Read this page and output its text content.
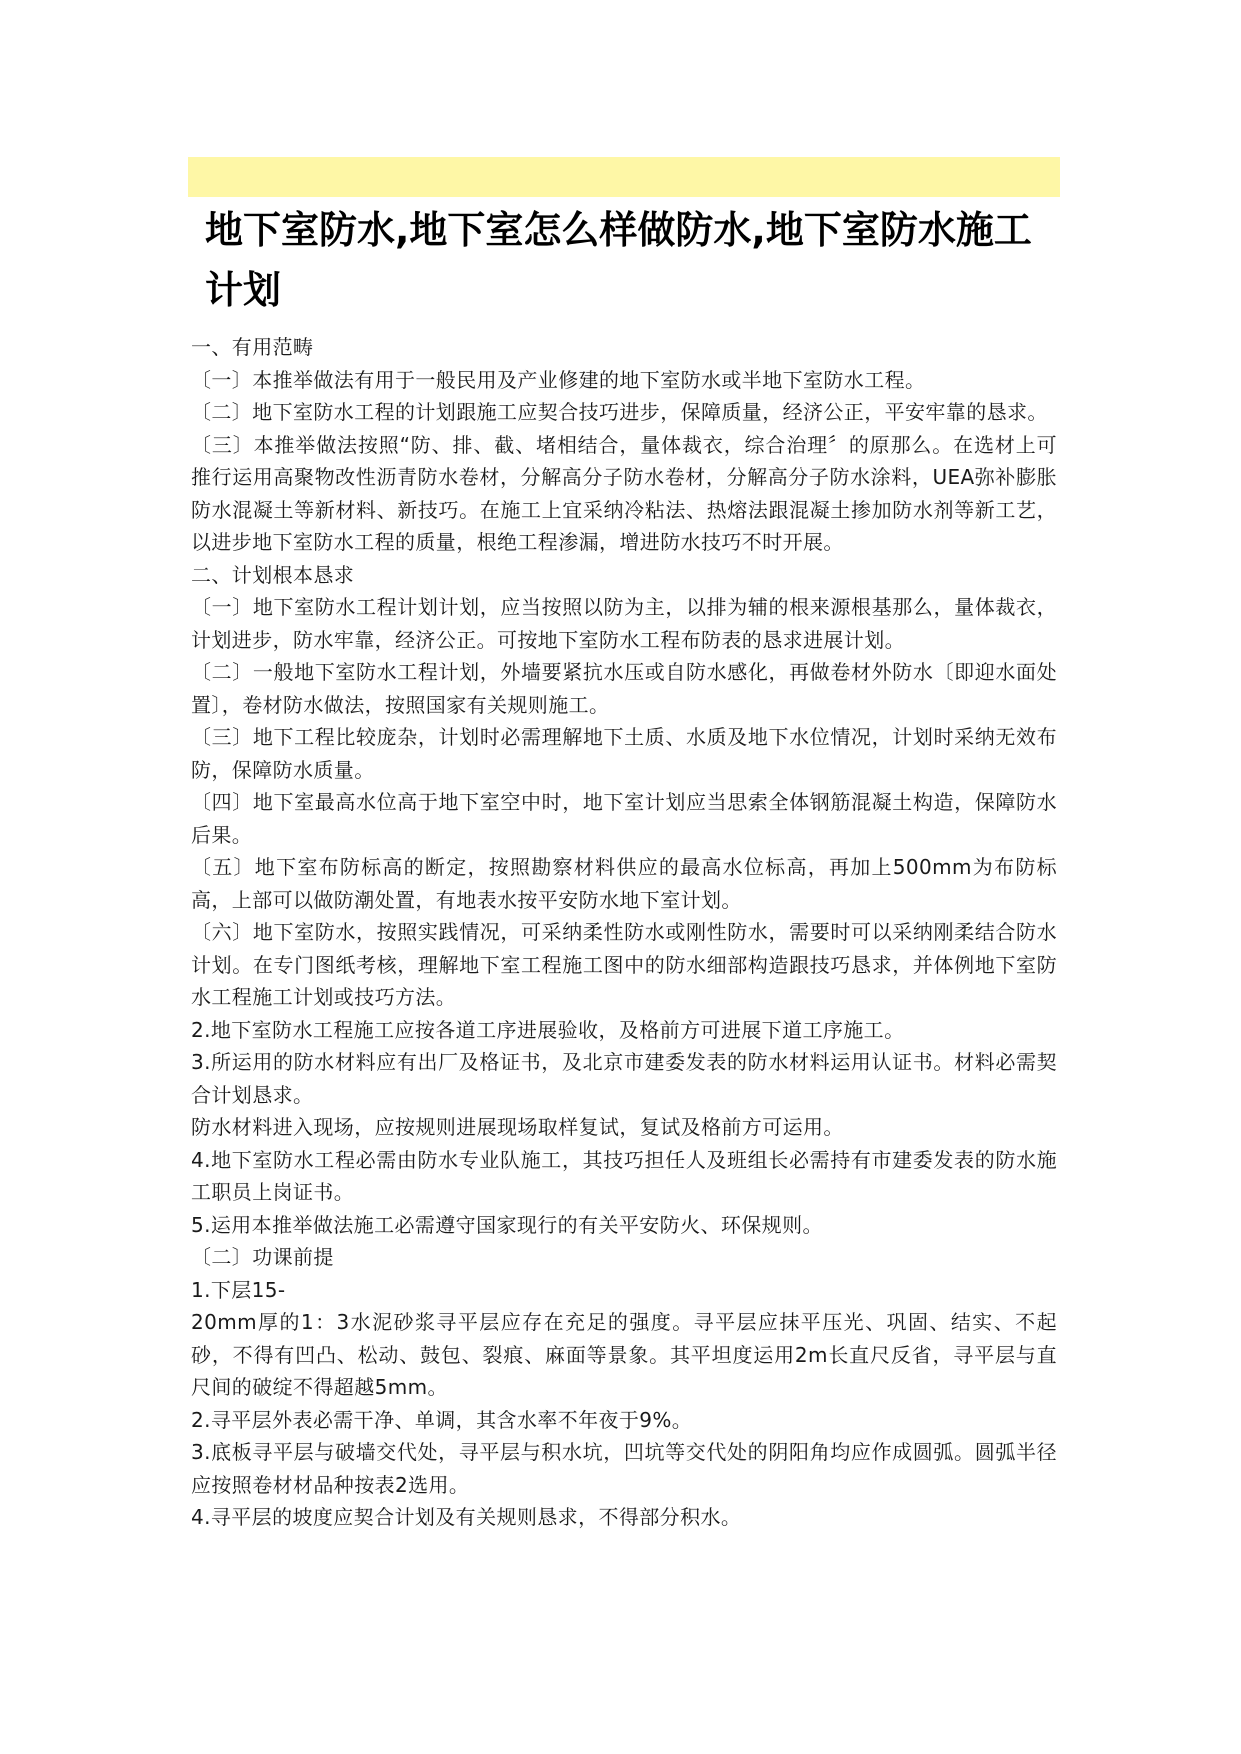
地下室防水,地下室怎么样做防水,地下室防水施工计划

一、有用范畴

〔一〕本推举做法有用于一般民用及产业修建的地下室防水或半地下室防水工程。

〔二〕地下室防水工程的计划跟施工应契合技巧进步，保障质量，经济公正，平安牢靠的恳求。

〔三〕本推举做法按照“防、排、截、堵相结合，量体裁衣，综合治理〞的原那么。在选材上可推行运用高聚物改性沥青防水卷材，分解高分子防水卷材，分解高分子防水涂料，UEA弥补膨胀防水混凝土等新材料、新技巧。在施工上宜采纳冷粘法、热熔法跟混凝土掺加防水剂等新工艺，以进步地下室防水工程的质量，根绝工程渗漏，增进防水技巧不时开展。

二、计划根本恳求

〔一〕地下室防水工程计划计划，应当按照以防为主，以排为辅的根来源根基那么，量体裁衣，计划进步，防水牢靠，经济公正。可按地下室防水工程布防表的恳求进展计划。

〔二〕一般地下室防水工程计划，外墙要紧抗水压或自防水感化，再做卷材外防水〔即迎水面处置〕，卷材防水做法，按照国家有关规则施工。

〔三〕地下工程比较庞杂，计划时必需理解地下土质、水质及地下水位情况，计划时采纳无效布防，保障防水质量。

〔四〕地下室最高水位高于地下室空中时，地下室计划应当思索全体钢筋混凝土构造，保障防水后果。

〔五〕地下室布防标高的断定，按照勘察材料供应的最高水位标高，再加上500mm为布防标高，上部可以做防潮处置，有地表水按平安防水地下室计划。

〔六〕地下室防水，按照实践情况，可采纳柔性防水或刚性防水，需要时可以采纳刚柔结合防水计划。在专门图纸考核，理解地下室工程施工图中的防水细部构造跟技巧恳求，并体例地下室防水工程施工计划或技巧方法。

2.地下室防水工程施工应按各道工序进展验收，及格前方可进展下道工序施工。

3.所运用的防水材料应有出厂及格证书，及北京市建委发表的防水材料运用认证书。材料必需契合计划恳求。

防水材料进入现场，应按规则进展现场取样复试，复试及格前方可运用。

4.地下室防水工程必需由防水专业队施工，其技巧担任人及班组长必需持有市建委发表的防水施工职员上岗证书。

5.运用本推举做法施工必需遵守国家现行的有关平安防火、环保规则。

〔二〕功课前提

1.下层15-

20mm厚的1：3水泥砂浆寻平层应存在充足的强度。寻平层应抹平压光、巩固、结实、不起砂，不得有凹凸、松动、鼓包、裂痕、麻面等景象。其平坦度运用2m长直尺反省，寻平层与直尺间的破绽不得超越5mm。

2.寻平层外表必需干净、单调，其含水率不年夜于9%。

3.底板寻平层与破墙交代处，寻平层与积水坑，凹坑等交代处的阴阳角均应作成圆弧。圆弧半径应按照卷材材品种按表2选用。

4.寻平层的坡度应契合计划及有关规则恳求，不得部分积水。
